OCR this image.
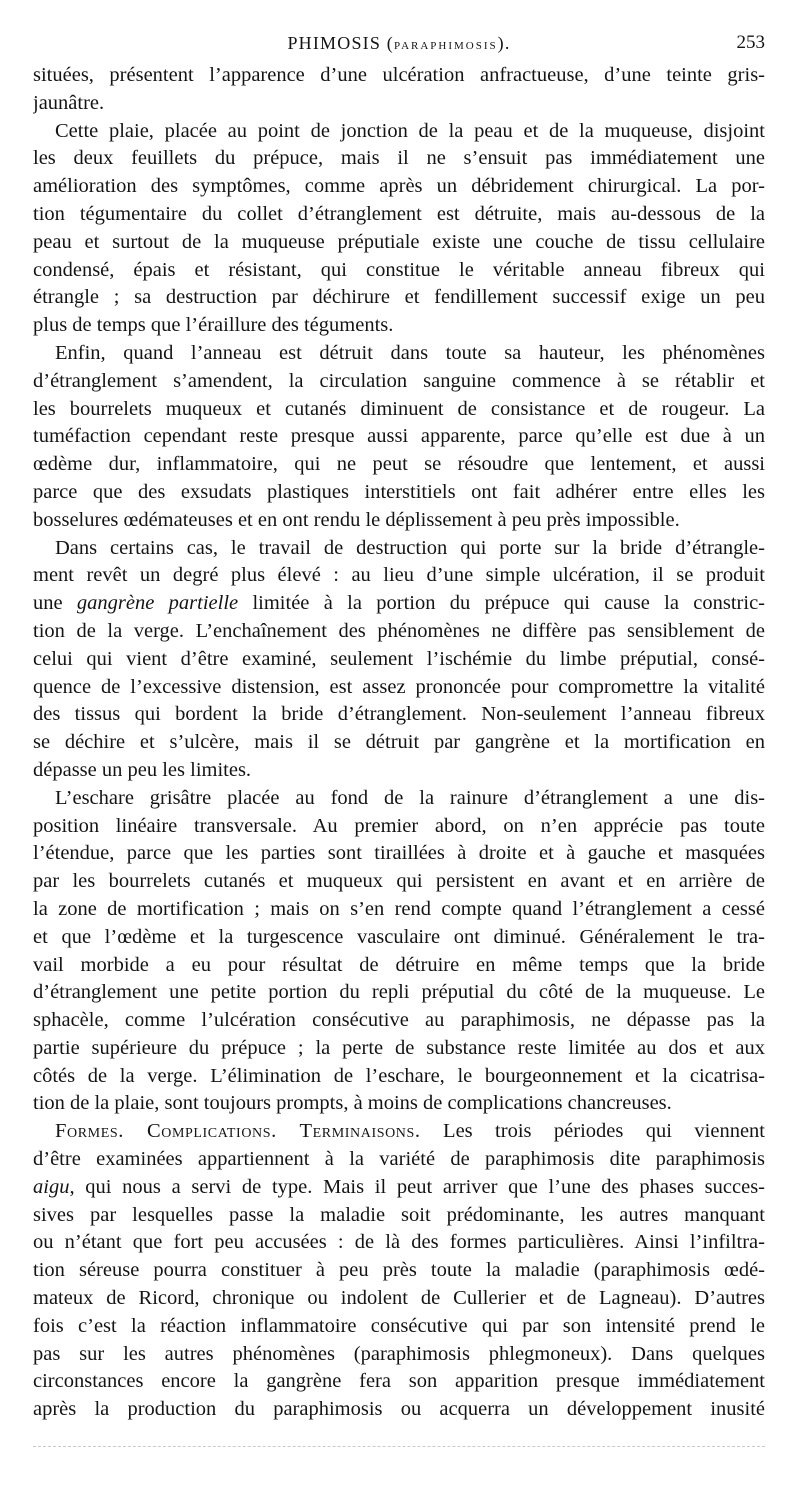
PHIMOSIS (PARAPHIMOSIS).	253
situées, présentent l’apparence d’une ulcération anfractueuse, d’une teinte gris-
jaunâtre.
Cette plaie, placée au point de jonction de la peau et de la muqueuse, disjoint
les deux feuillets du prépuce, mais il ne s’ensuit pas immédiatement une
amélioration des symptômes, comme après un débridement chirurgical. La por-
tion tégumentaire du collet d’étranglement est détruite, mais au-dessous de la
peau et surtout de la muqueuse préputiale existe une couche de tissu cellulaire
condensé, épais et résistant, qui constitue le véritable anneau fibreux qui
étrangle ; sa destruction par déchirure et fendillement successif exige un peu
plus de temps que l’éraillure des téguments.
Enfin, quand l’anneau est détruit dans toute sa hauteur, les phénomènes
d’étranglement s’amendent, la circulation sanguine commence à se rétablir et
les bourrelets muqueux et cutanés diminuent de consistance et de rougeur. La
tuméfaction cependant reste presque aussi apparente, parce qu’elle est due à un
œdème dur, inflammatoire, qui ne peut se résoudre que lentement, et aussi
parce que des exsudats plastiques interstitiels ont fait adhérer entre elles les
bosselures œdémateuses et en ont rendu le déplissement à peu près impossible.
Dans certains cas, le travail de destruction qui porte sur la bride d’étrangle-
ment revêt un degré plus élevé : au lieu d’une simple ulcération, il se produit
une gangrène partielle limitée à la portion du prépuce qui cause la constric-
tion de la verge. L’enchaînement des phénomènes ne diffère pas sensiblement de
celui qui vient d’être examiné, seulement l’ischémie du limbe préputial, consé-
quence de l’excessive distension, est assez prononcée pour compromettre la vitalité
des tissus qui bordent la bride d’étranglement. Non-seulement l’anneau fibreux
se déchire et s’ulcère, mais il se détruit par gangrène et la mortification en
dépasse un peu les limites.
L’eschare grisâtre placée au fond de la rainure d’étranglement a une dis-
position linéaire transversale. Au premier abord, on n’en apprécie pas toute
l’étendue, parce que les parties sont tiraillées à droite et à gauche et masquées
par les bourrelets cutanés et muqueux qui persistent en avant et en arrière de
la zone de mortification ; mais on s’en rend compte quand l’étranglement a cessé
et que l’œdème et la turgescence vasculaire ont diminué. Généralement le tra-
vail morbide a eu pour résultat de détruire en même temps que la bride
d’étranglement une petite portion du repli préputial du côté de la muqueuse. Le
sphacèle, comme l’ulcération consécutive au paraphimosis, ne dépasse pas la
partie supérieure du prépuce ; la perte de substance reste limitée au dos et aux
côtés de la verge. L’élimination de l’eschare, le bourgeonnement et la cicatrisa-
tion de la plaie, sont toujours prompts, à moins de complications chancreuses.
Formes. Complications. Terminaisons. Les trois périodes qui viennent
d’être examinées appartiennent à la variété de paraphimosis dite paraphimosis
aigu, qui nous a servi de type. Mais il peut arriver que l’une des phases succes-
sives par lesquelles passe la maladie soit prédominante, les autres manquant
ou n’étant que fort peu accusées : de là des formes particulières. Ainsi l’infiltra-
tion séreuse pourra constituer à peu près toute la maladie (paraphimosis œdé-
mateux de Ricord, chronique ou indolent de Cullerier et de Lagneau). D’autres
fois c’est la réaction inflammatoire consécutive qui par son intensité prend le
pas sur les autres phénomènes (paraphimosis phlegmoneux). Dans quelques
circonstances encore la gangrène fera son apparition presque immédiatement
après la production du paraphimosis ou acquerra un développement inusité
